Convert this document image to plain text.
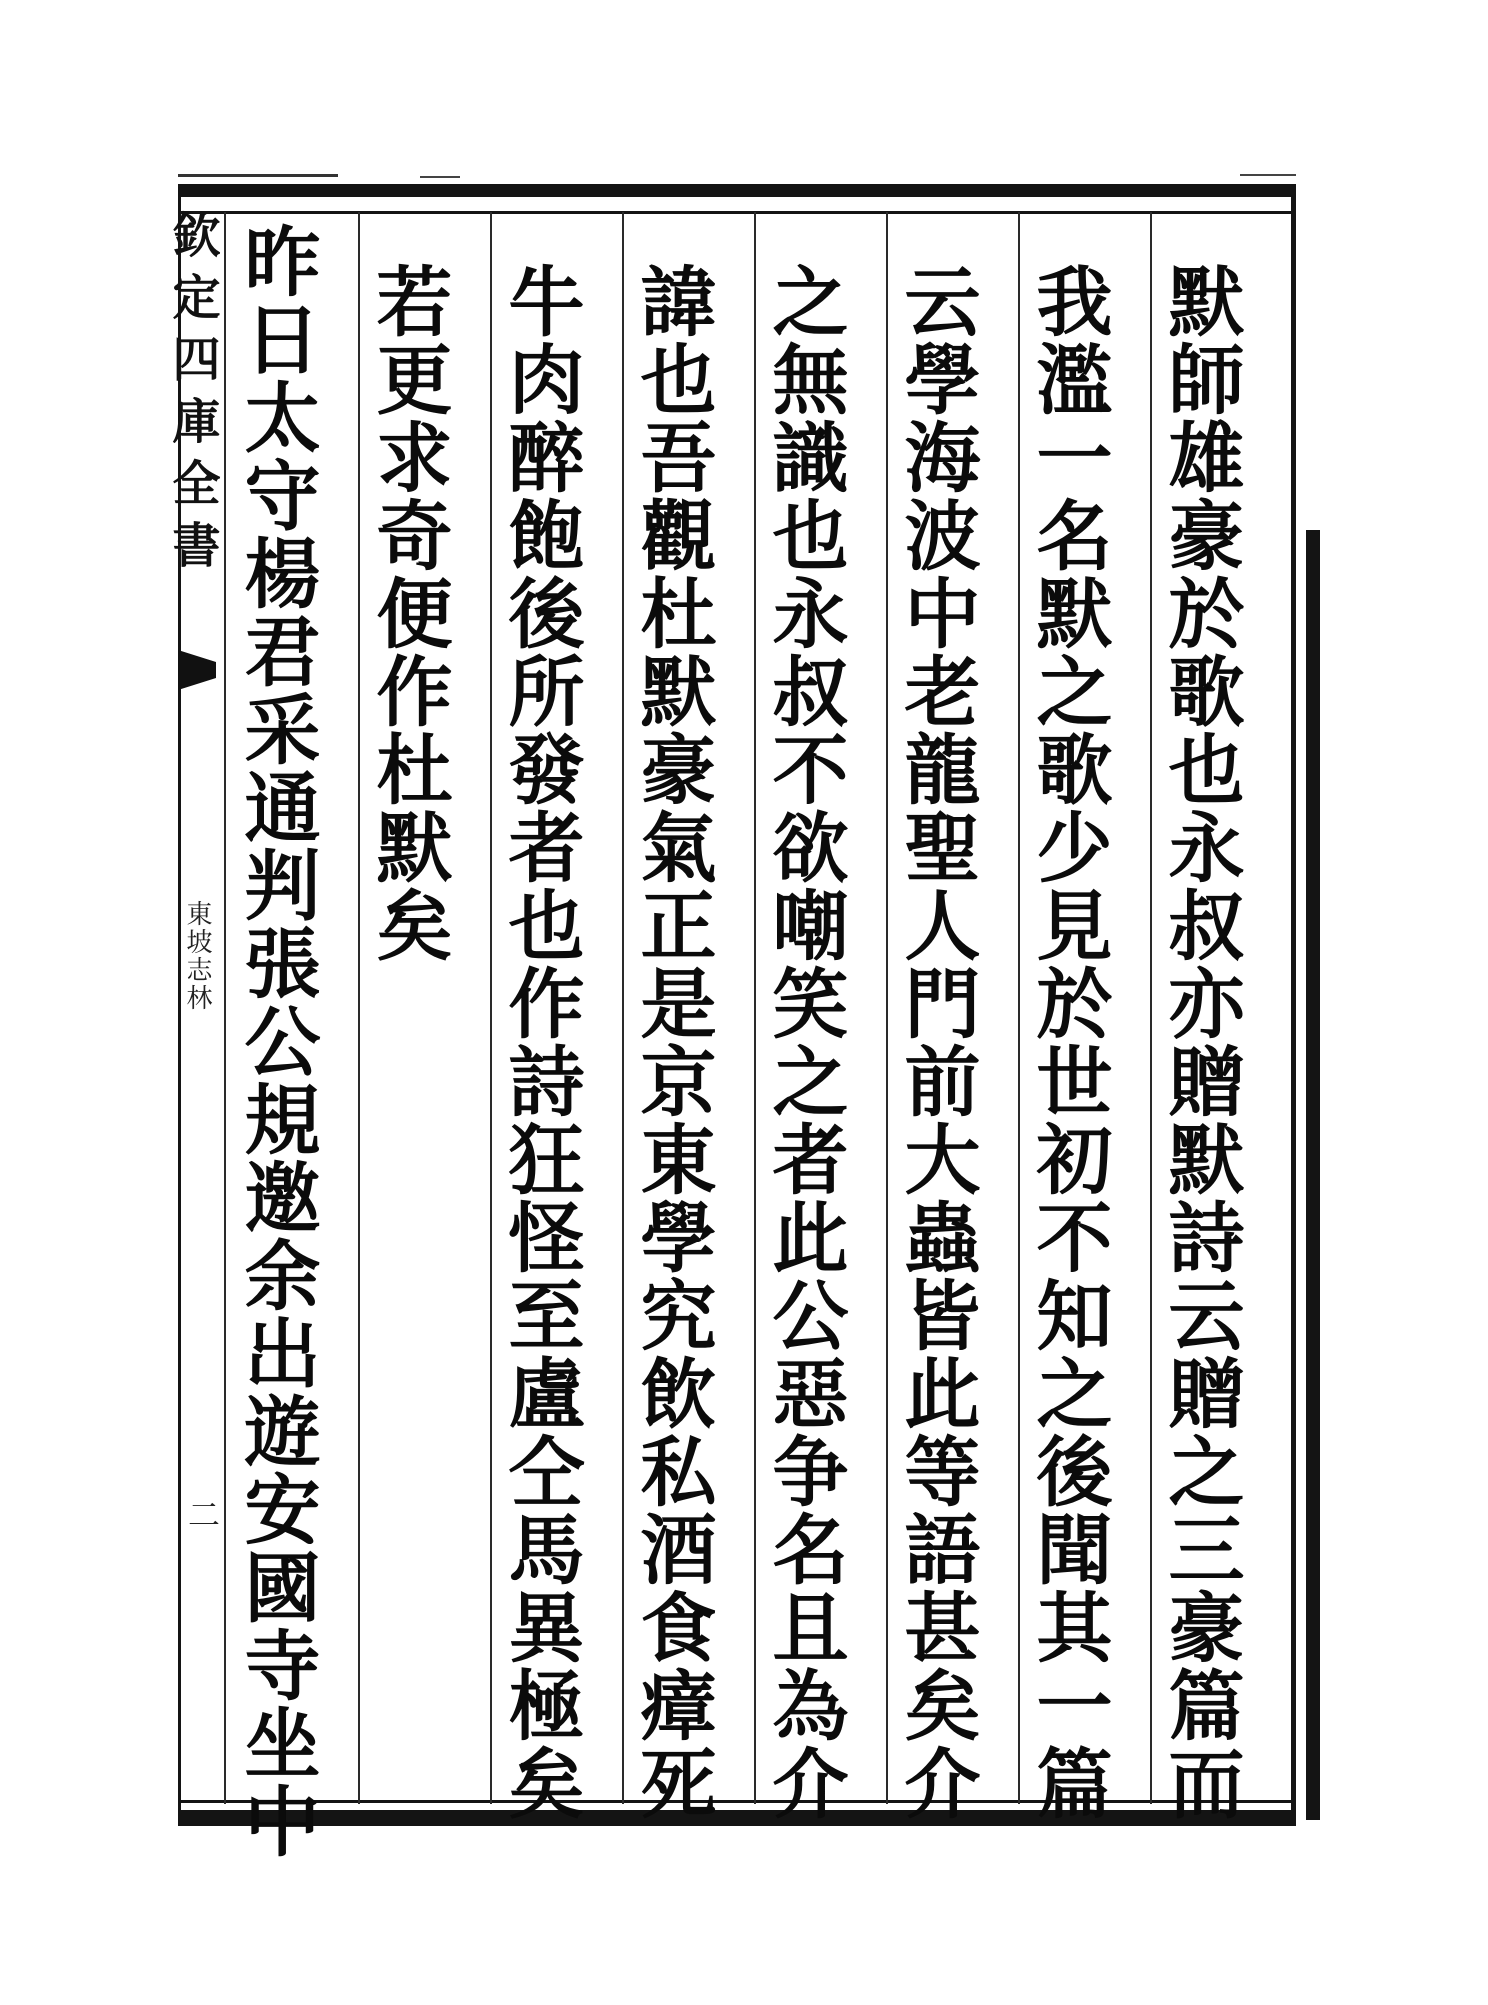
欽定四庫全書
東坡志林
二	默師雄豪於歌也永叔亦贈默詩云贈之三豪篇而
我濫一名默之歌少見於世初不知之後聞其一篇
云學海波中老龍聖人門前大蟲皆此等語甚矣介
之無識也永叔不欲嘲笑之者此公惡争名且為介
諱也吾觀杜默豪氣正是京東學究飲私酒食瘴死
牛肉醉飽後所發者也作詩狂怪至盧仝馬異極矣
若更求奇便作杜默矣
昨日太守楊君采通判張公規邀余出遊安國寺坐中
